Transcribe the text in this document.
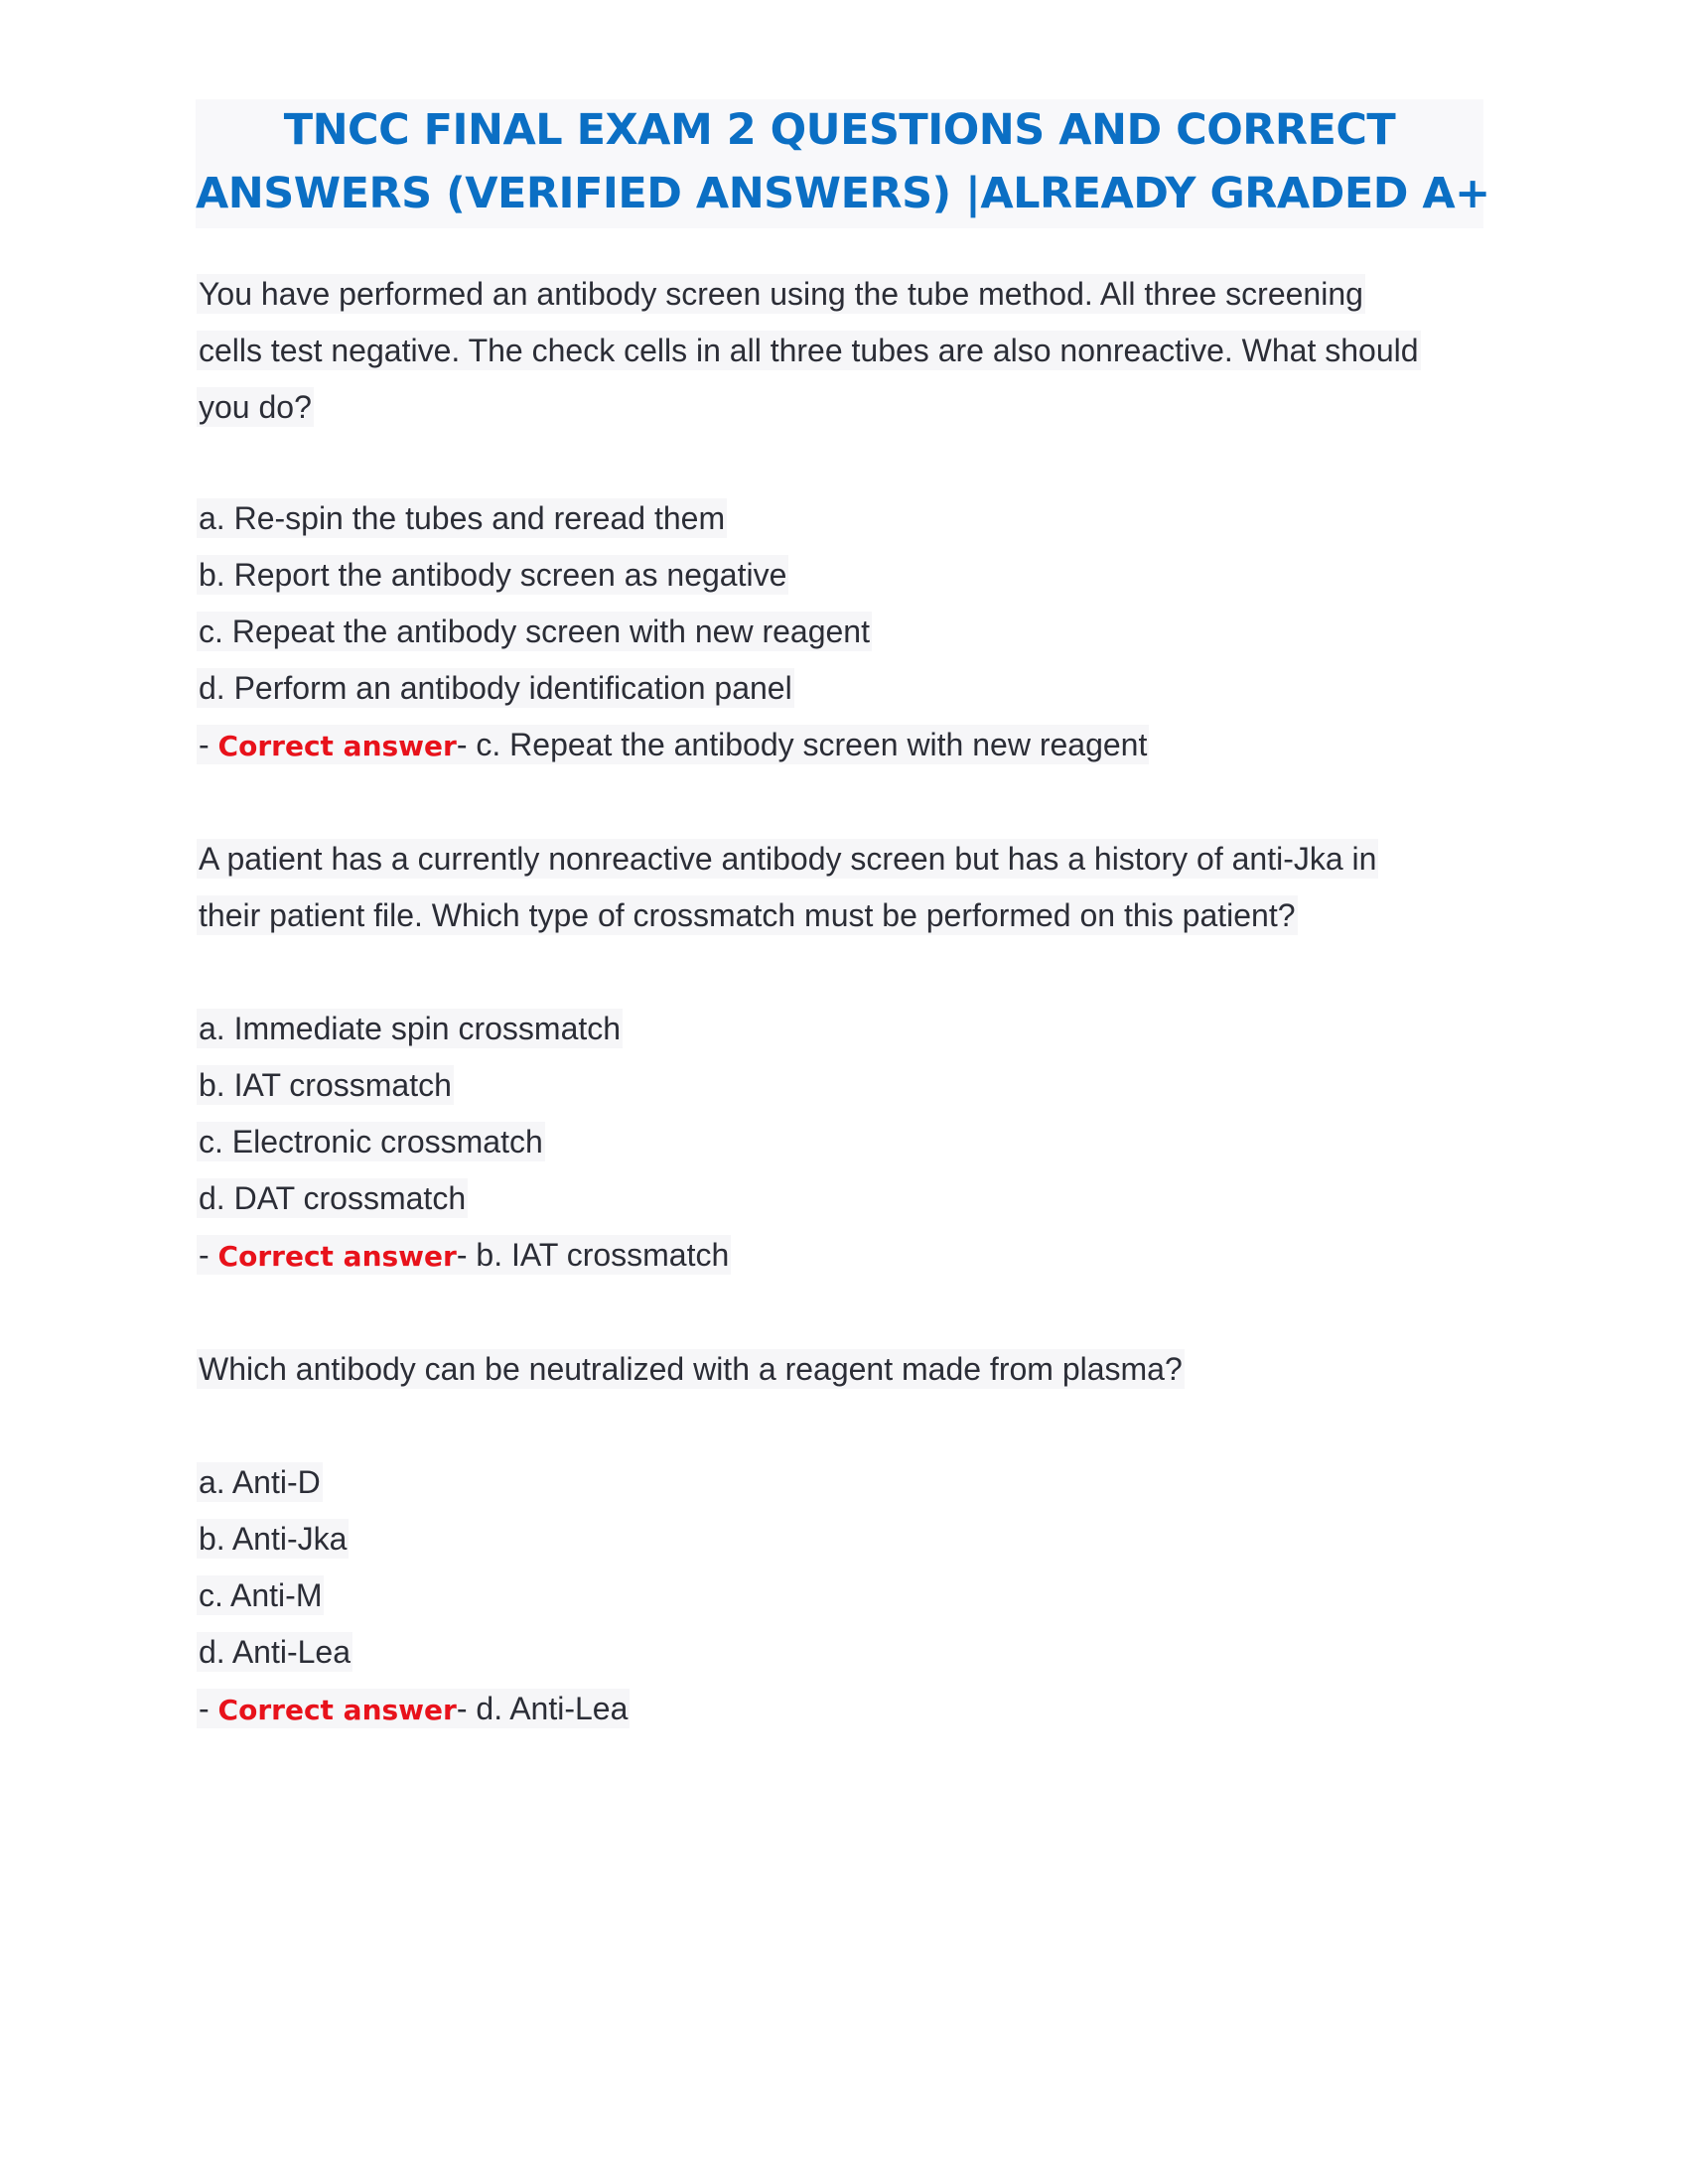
TNCC FINAL EXAM 2 QUESTIONS AND CORRECT
ANSWERS (VERIFIED ANSWERS) |ALREADY GRADED A+
You have performed an antibody screen using the tube method. All three screening
cells test negative. The check cells in all three tubes are also nonreactive. What should
you do?
a. Re-spin the tubes and reread them
b. Report the antibody screen as negative
c. Repeat the antibody screen with new reagent
d. Perform an antibody identification panel
- Correct answer- c. Repeat the antibody screen with new reagent
A patient has a currently nonreactive antibody screen but has a history of anti-Jka in
their patient file. Which type of crossmatch must be performed on this patient?
a. Immediate spin crossmatch
b. IAT crossmatch
c. Electronic crossmatch
d. DAT crossmatch
- Correct answer- b. IAT crossmatch
Which antibody can be neutralized with a reagent made from plasma?
a. Anti-D
b. Anti-Jka
c. Anti-M
d. Anti-Lea
- Correct answer- d. Anti-Lea
